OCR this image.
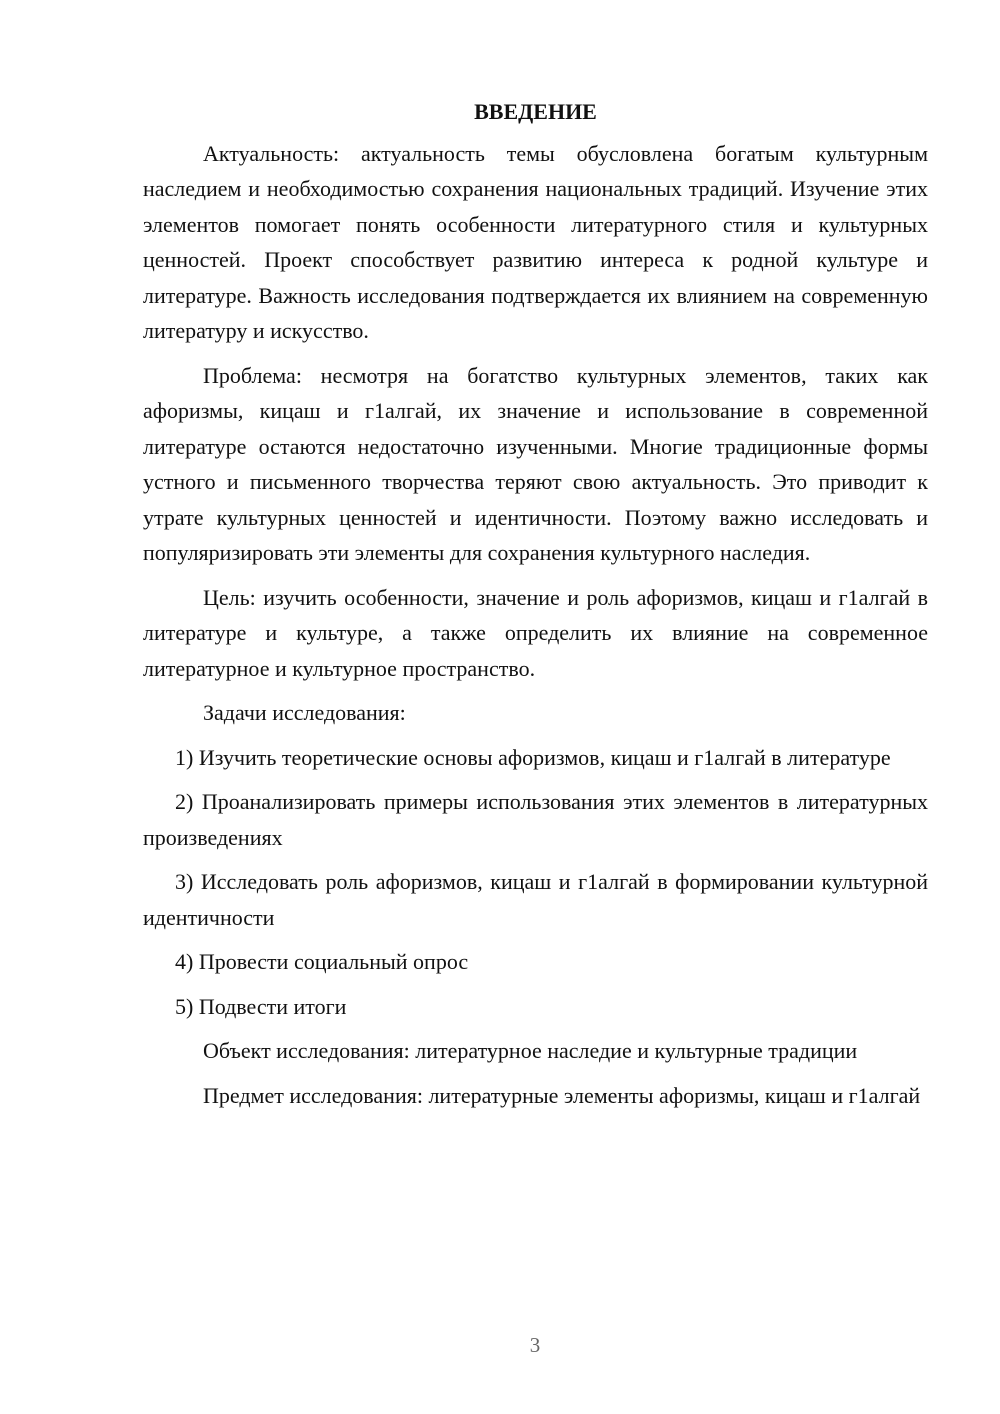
ВВЕДЕНИЕ

Актуальность: актуальность темы обусловлена богатым культурным наследием и необходимостью сохранения национальных традиций. Изучение этих элементов помогает понять особенности литературного стиля и культурных ценностей. Проект способствует развитию интереса к родной культуре и литературе. Важность исследования подтверждается их влиянием на современную литературу и искусство.

Проблема: несмотря на богатство культурных элементов, таких как афоризмы, кицаш и г1алгай, их значение и использование в современной литературе остаются недостаточно изученными. Многие традиционные формы устного и письменного творчества теряют свою актуальность. Это приводит к утрате культурных ценностей и идентичности. Поэтому важно исследовать и популяризировать эти элементы для сохранения культурного наследия.

Цель: изучить особенности, значение и роль афоризмов, кицаш и г1алгай в литературе и культуре, а также определить их влияние на современное литературное и культурное пространство.

Задачи исследования:

1) Изучить теоретические основы афоризмов, кицаш и г1алгай в литературе

2) Проанализировать примеры использования этих элементов в литературных произведениях

3) Исследовать роль афоризмов, кицаш и г1алгай в формировании культурной идентичности

4) Провести социальный опрос

5) Подвести итоги

Объект исследования: литературное наследие и культурные традиции

Предмет исследования: литературные элементы афоризмы, кицаш и г1алгай

3
